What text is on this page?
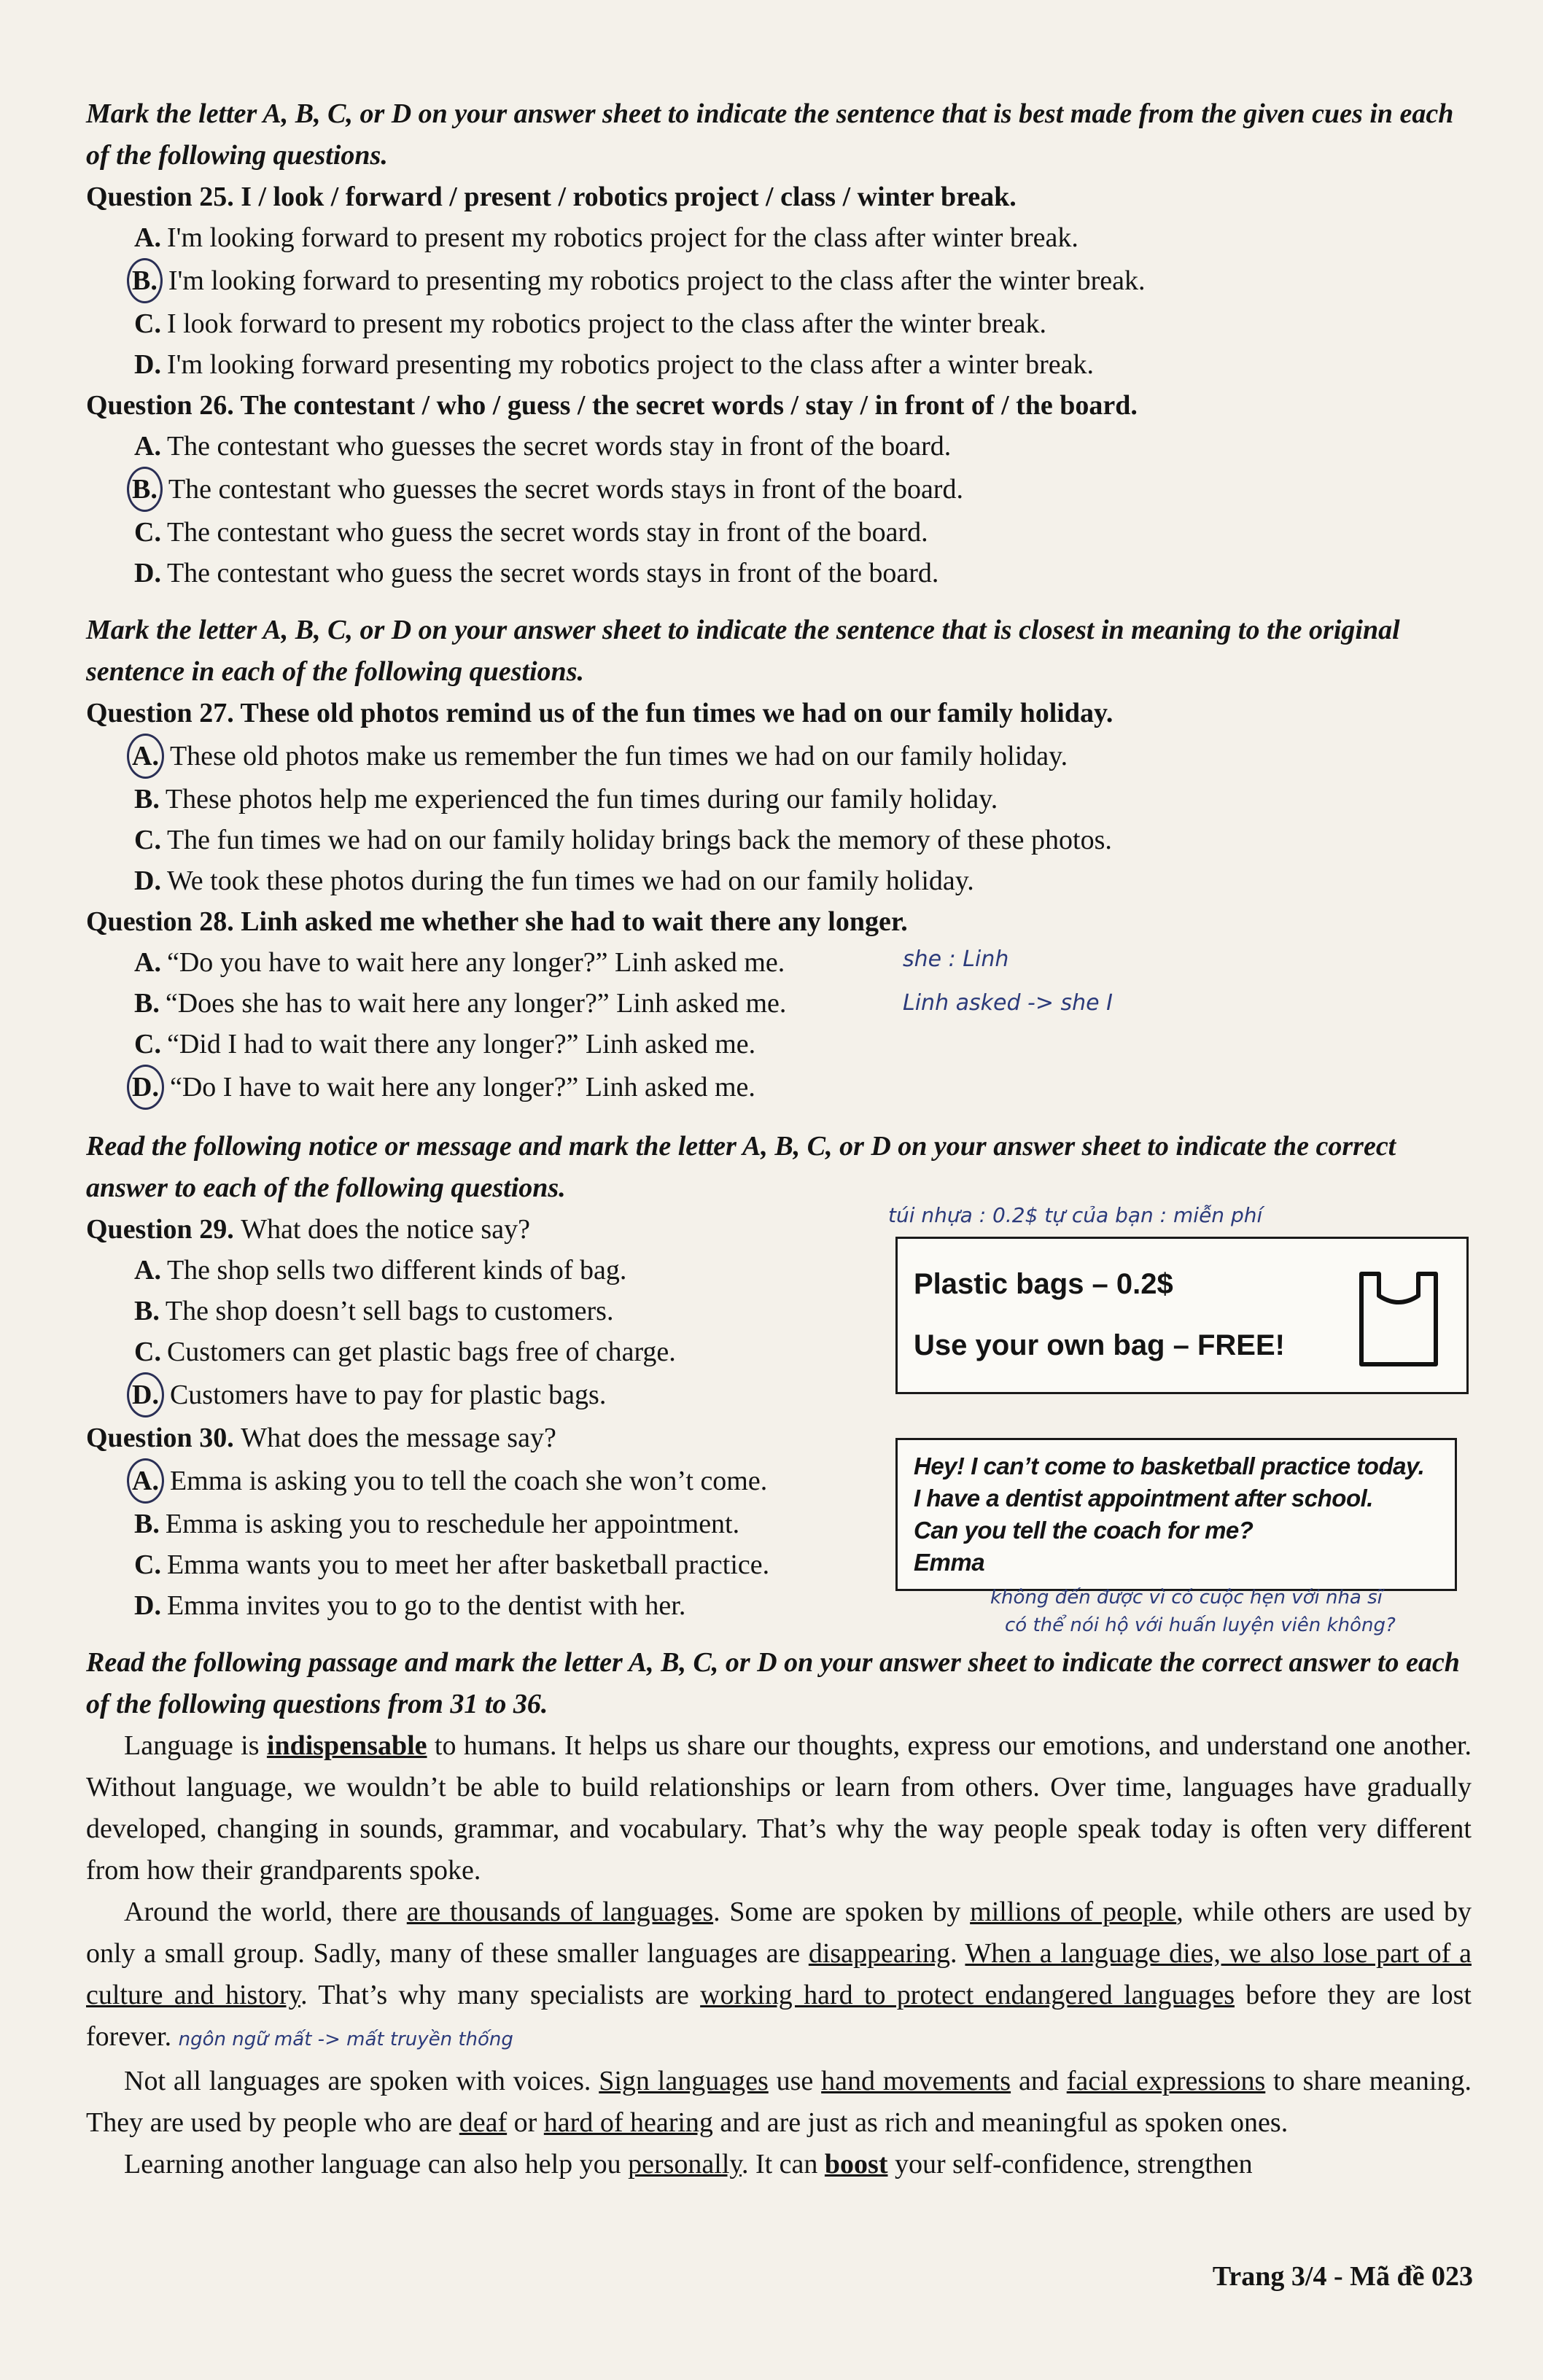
Mark the letter A, B, C, or D on your answer sheet to indicate the sentence that is best made from the given cues in each of the following questions.

Question 25. I / look / forward / present / robotics project / class / winter break.

A. I'm looking forward to present my robotics project for the class after winter break.

B. I'm looking forward to presenting my robotics project to the class after the winter break.

C. I look forward to present my robotics project to the class after the winter break.

D. I'm looking forward presenting my robotics project to the class after a winter break.

Question 26. The contestant / who / guess / the secret words / stay / in front of / the board.

A. The contestant who guesses the secret words stay in front of the board.

B. The contestant who guesses the secret words stays in front of the board.

C. The contestant who guess the secret words stay in front of the board.

D. The contestant who guess the secret words stays in front of the board.

Mark the letter A, B, C, or D on your answer sheet to indicate the sentence that is closest in meaning to the original sentence in each of the following questions.

Question 27. These old photos remind us of the fun times we had on our family holiday.

A. These old photos make us remember the fun times we had on our family holiday.

B. These photos help me experienced the fun times during our family holiday.

C. The fun times we had on our family holiday brings back the memory of these photos.

D. We took these photos during the fun times we had on our family holiday.

Question 28. Linh asked me whether she had to wait there any longer.

A. “Do you have to wait here any longer?” Linh asked me.

B. “Does she has to wait here any longer?” Linh asked me.

C. “Did I had to wait there any longer?” Linh asked me.

D. “Do I have to wait here any longer?” Linh asked me.

she : Linh
Linh asked -> she I

Read the following notice or message and mark the letter A, B, C, or D on your answer sheet to indicate the correct answer to each of the following questions.

Question 29. What does the notice say?

A. The shop sells two different kinds of bag.

B. The shop doesn’t sell bags to customers.

C. Customers can get plastic bags free of charge.

D. Customers have to pay for plastic bags.

Plastic bags – 0.2$
Use your own bag – FREE!
túi nhựa : 0.2$ tự của bạn : miễn phí

Question 30. What does the message say?

A. Emma is asking you to tell the coach she won’t come.

B. Emma is asking you to reschedule her appointment.

C. Emma wants you to meet her after basketball practice.

D. Emma invites you to go to the dentist with her.

Hey! I can’t come to basketball practice today.

I have a dentist appointment after school.

Can you tell the coach for me?

Emma

không đến được vì có cuộc hẹn với nha sĩ
có thể nói hộ với huấn luyện viên không?

Read the following passage and mark the letter A, B, C, or D on your answer sheet to indicate the correct answer to each of the following questions from 31 to 36.

Language is indispensable to humans. It helps us share our thoughts, express our emotions, and understand one another. Without language, we wouldn’t be able to build relationships or learn from others. Over time, languages have gradually developed, changing in sounds, grammar, and vocabulary. That’s why the way people speak today is often very different from how their grandparents spoke.

Around the world, there are thousands of languages. Some are spoken by millions of people, while others are used by only a small group. Sadly, many of these smaller languages are disappearing. When a language dies, we also lose part of a culture and history. That’s why many specialists are working hard to protect endangered languages before they are lost forever. ngôn ngữ mất -> mất truyền thống

Not all languages are spoken with voices. Sign languages use hand movements and facial expressions to share meaning. They are used by people who are deaf or hard of hearing and are just as rich and meaningful as spoken ones.

Learning another language can also help you personally. It can boost your self-confidence, strengthen

Trang 3/4 - Mã đề 023
